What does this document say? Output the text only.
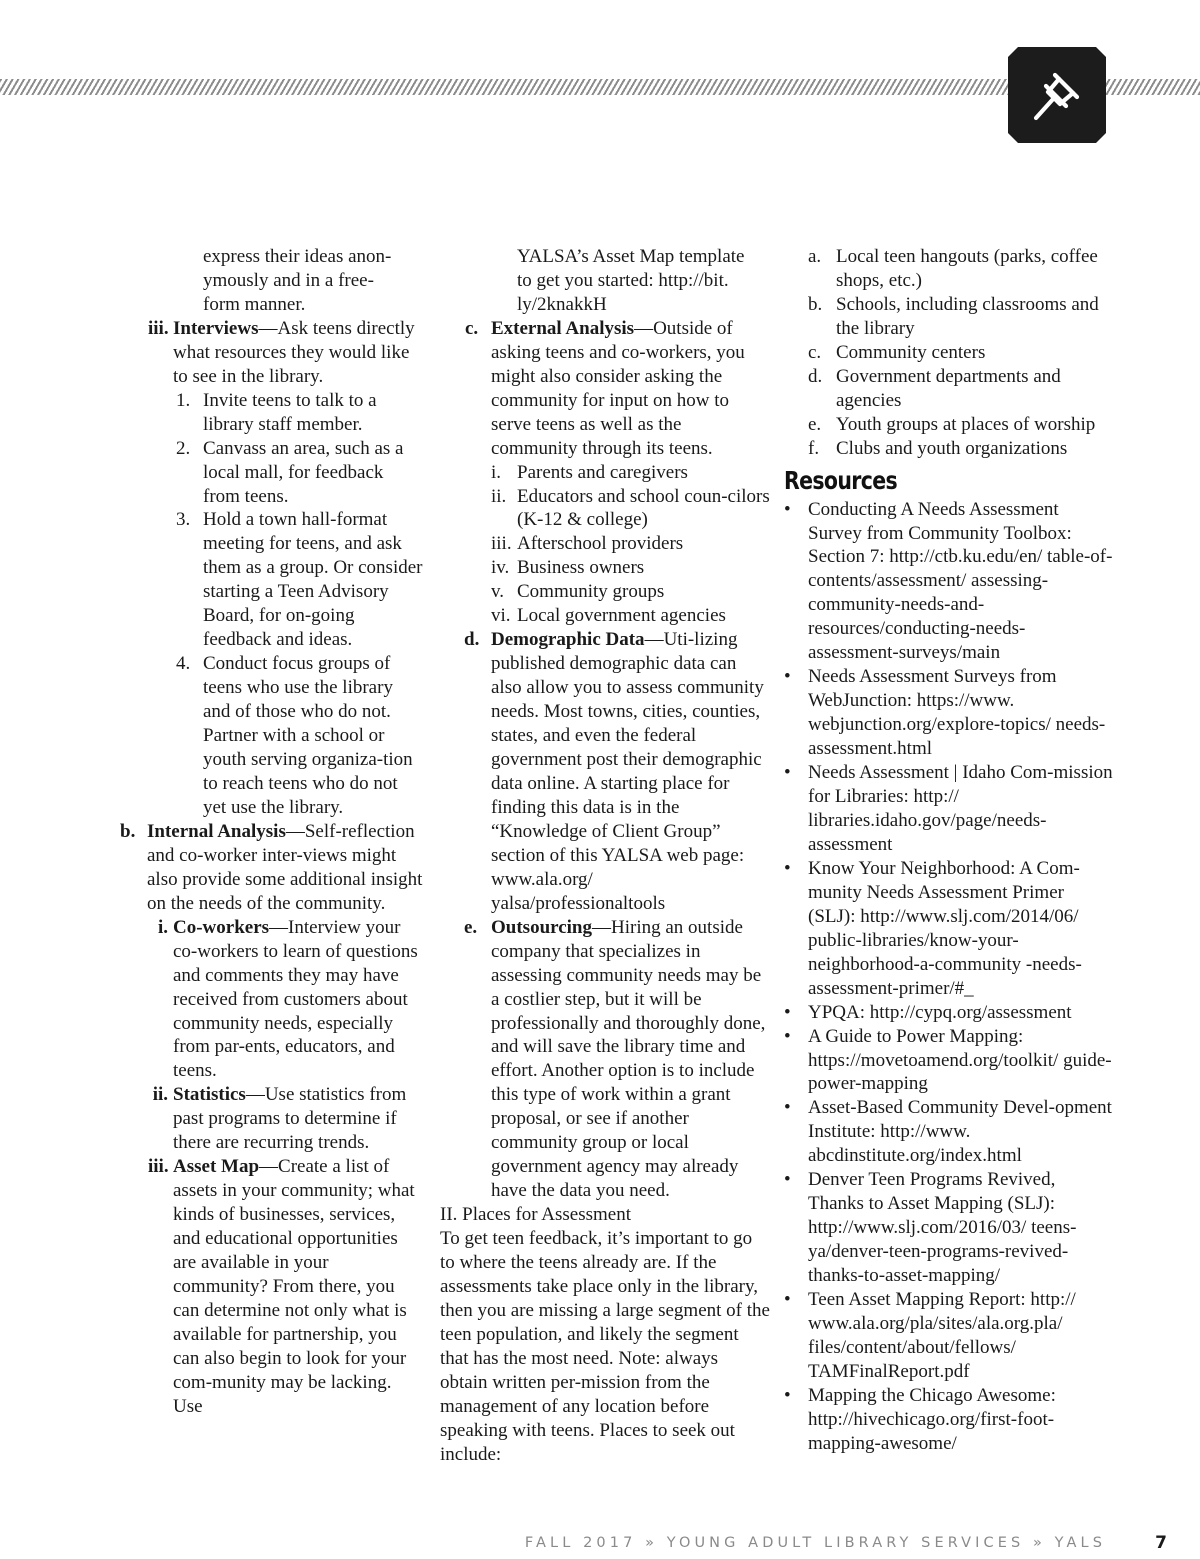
express their ideas anon-
ymously and in a free-
form manner.
iii. Interviews—Ask teens directly what resources they would like to see in the library.
1. Invite teens to talk to a library staff member.
2. Canvass an area, such as a local mall, for feedback from teens.
3. Hold a town hall-format meeting for teens, and ask them as a group. Or consider starting a Teen Advisory Board, for on-going feedback and ideas.
4. Conduct focus groups of teens who use the library and of those who do not. Partner with a school or youth serving organiza-tion to reach teens who do not yet use the library.
b. Internal Analysis—Self-reflection and co-worker inter-views might also provide some additional insight on the needs of the community.
i. Co-workers—Interview your co-workers to learn of questions and comments they may have received from customers about community needs, especially from par-ents, educators, and teens.
ii. Statistics—Use statistics from past programs to determine if there are recurring trends.
iii. Asset Map—Create a list of assets in your community; what kinds of businesses, services, and educational opportunities are available in your community? From there, you can determine not only what is available for partnership, you can also begin to look for your com-munity may be lacking. Use
YALSA’s Asset Map template
to get you started: http://bit.
ly/2knakkH
c. External Analysis—Outside of asking teens and co-workers, you might also consider asking the community for input on how to serve teens as well as the community through its teens.
i. Parents and caregivers
ii. Educators and school coun-cilors (K-12 & college)
iii. Afterschool providers
iv. Business owners
v. Community groups
vi. Local government agencies
d. Demographic Data—Uti-lizing published demographic data can also allow you to assess community needs. Most towns, cities, counties, states, and even the federal government post their demographic data online. A starting place for finding this data is in the “Knowledge of Client Group” section of this YALSA web page: www.ala.org/ yalsa/professionaltools
e. Outsourcing—Hiring an outside company that specializes in assessing community needs may be a costlier step, but it will be professionally and thoroughly done, and will save the library time and effort. Another option is to include this type of work within a grant proposal, or see if another community group or local government agency may already have the data you need.
II. Places for Assessment
To get teen feedback, it’s important to go to where the teens already are. If the assessments take place only in the library, then you are missing a large segment of the teen population, and likely the segment that has the most need. Note: always obtain written per-mission from the management of any location before speaking with teens. Places to seek out include:
a. Local teen hangouts (parks, coffee shops, etc.)
b. Schools, including classrooms and the library
c. Community centers
d. Government departments and agencies
e. Youth groups at places of worship
f. Clubs and youth organizations
Resources
• Conducting A Needs Assessment Survey from Community Toolbox: Section 7: http://ctb.ku.edu/en/ table-of-contents/assessment/ assessing-community-needs-and-resources/conducting-needs-assessment-surveys/main
• Needs Assessment Surveys from WebJunction: https://www. webjunction.org/explore-topics/ needs-assessment.html
• Needs Assessment | Idaho Com-mission for Libraries: http:// libraries.idaho.gov/page/needs-assessment
• Know Your Neighborhood: A Com-munity Needs Assessment Primer (SLJ): http://www.slj.com/2014/06/ public-libraries/know-your-neighborhood-a-community -needs-assessment-primer/#_
• YPQA: http://cypq.org/assessment
• A Guide to Power Mapping: https://movetoamend.org/toolkit/ guide-power-mapping
• Asset-Based Community Devel-opment Institute: http://www. abcdinstitute.org/index.html
• Denver Teen Programs Revived, Thanks to Asset Mapping (SLJ): http://www.slj.com/2016/03/ teens-ya/denver-teen-programs-revived-thanks-to-asset-mapping/
• Teen Asset Mapping Report: http:// www.ala.org/pla/sites/ala.org.pla/ files/content/about/fellows/ TAMFinalReport.pdf
• Mapping the Chicago Awesome: http://hivechicago.org/first-foot-mapping-awesome/
FALL 2017 » YOUNG ADULT LIBRARY SERVICES » YALS	7
